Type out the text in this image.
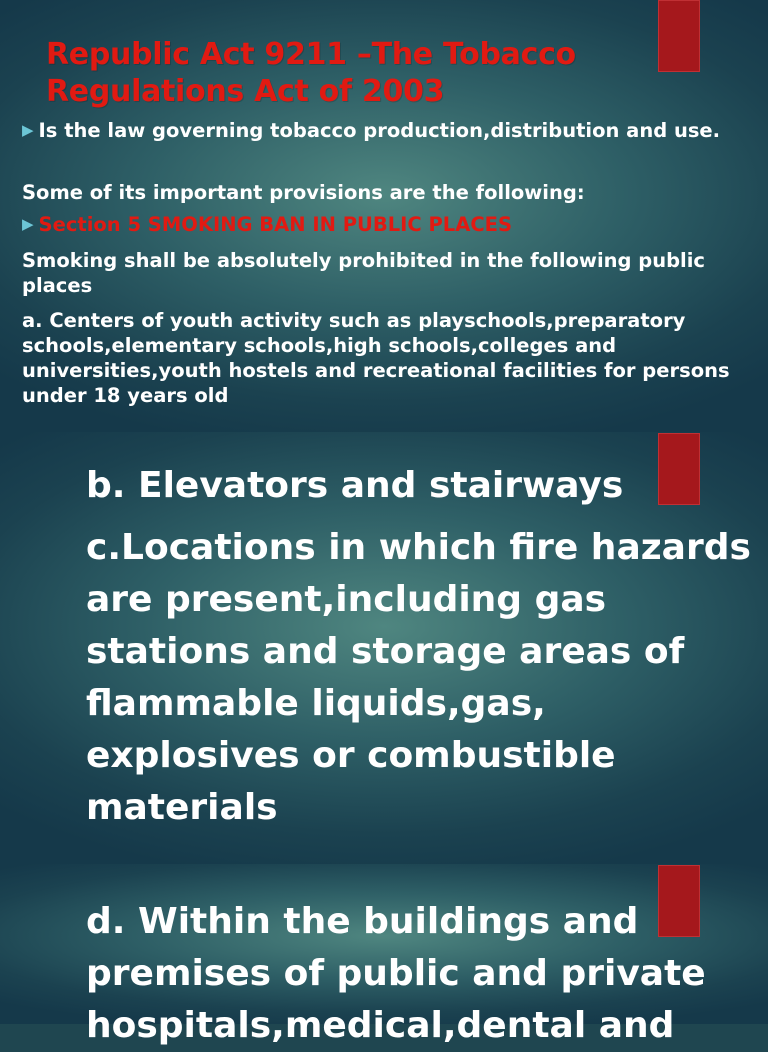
Republic Act 9211 –The Tobacco Regulations Act of 2003
▶ Is the law governing tobacco production,distribution and use.
Some of its important provisions are the following:
▶ Section 5 SMOKING BAN IN PUBLIC PLACES
Smoking shall be absolutely prohibited in the following public places
a. Centers of youth activity such as playschools,preparatory schools,elementary schools,high schools,colleges and universities,youth hostels and recreational facilities for persons under 18 years old
b. Elevators and stairways
c.Locations in which fire hazards are present,including gas stations and storage areas of flammable liquids,gas, explosives or combustible materials
d. Within the buildings and premises of public and private hospitals,medical,dental and
